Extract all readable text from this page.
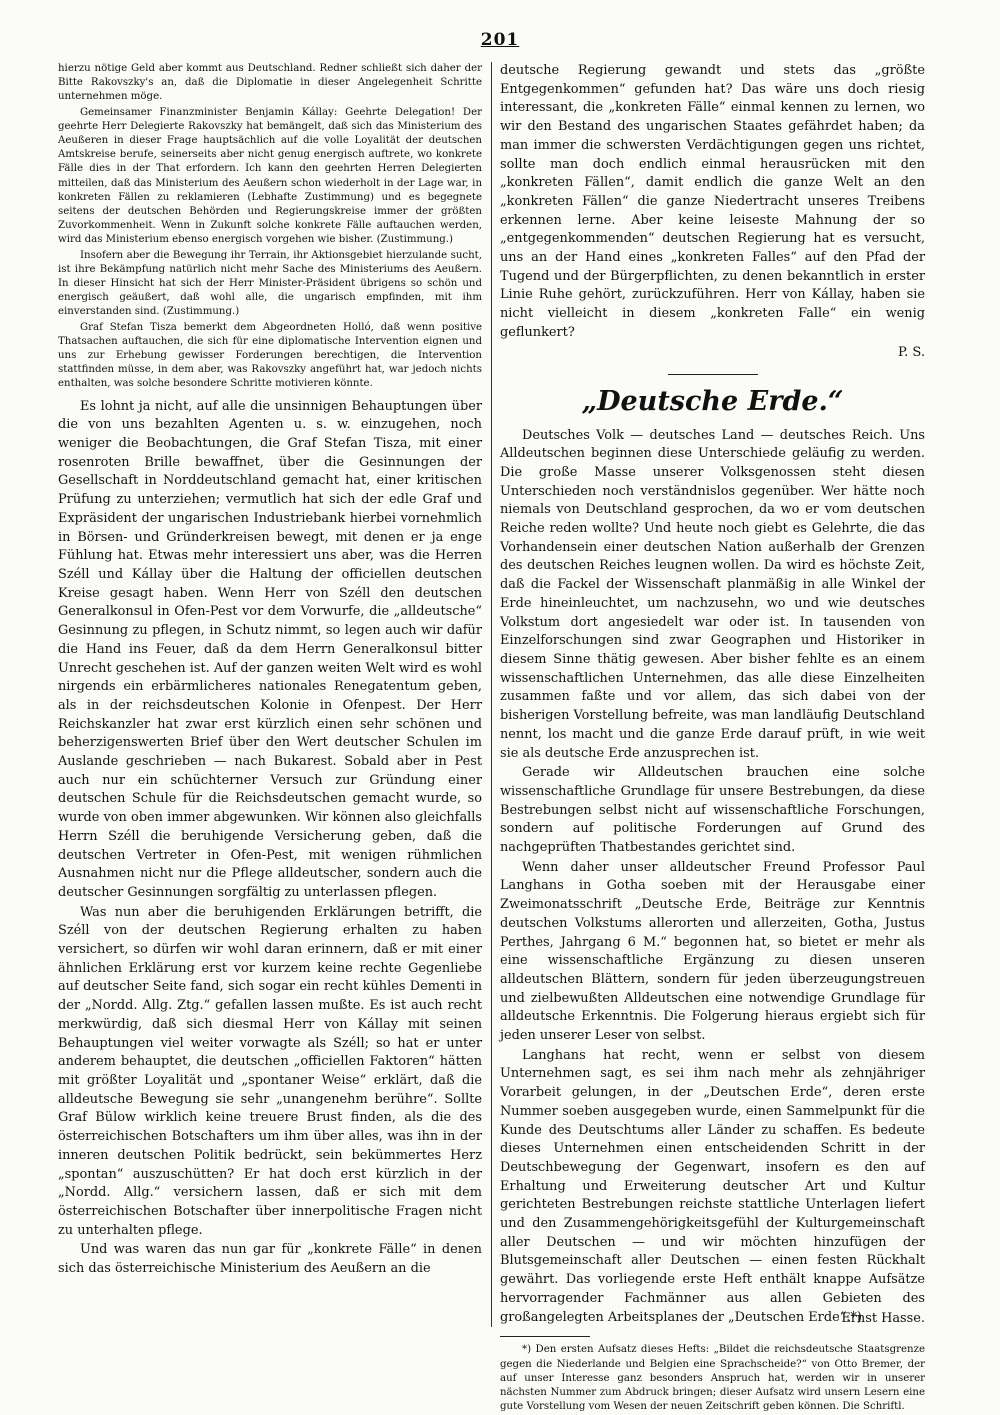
201

hierzu nötige Geld aber kommt aus Deutschland. Redner schließt sich daher der Bitte Rakovszky's an, daß die Diplomatie in dieser Angelegenheit Schritte unternehmen möge.

Gemeinsamer Finanzminister Benjamin Kállay: Geehrte Delegation! Der geehrte Herr Delegierte Rakovszky hat bemängelt, daß sich das Ministerium des Aeußeren in dieser Frage hauptsächlich auf die volle Loyalität der deutschen Amtskreise berufe, seinerseits aber nicht genug energisch auftrete, wo konkrete Fälle dies in der That erfordern. Ich kann den geehrten Herren Delegierten mitteilen, daß das Ministerium des Aeußern schon wiederholt in der Lage war, in konkreten Fällen zu reklamieren (Lebhafte Zustimmung) und es begegnete seitens der deutschen Behörden und Regierungskreise immer der größten Zuvorkommenheit. Wenn in Zukunft solche konkrete Fälle auftauchen werden, wird das Ministerium ebenso energisch vorgehen wie bisher. (Zustimmung.)

Insofern aber die Bewegung ihr Terrain, ihr Aktionsgebiet hierzulande sucht, ist ihre Bekämpfung natürlich nicht mehr Sache des Ministeriums des Aeußern. In dieser Hinsicht hat sich der Herr Minister-Präsident übrigens so schön und energisch geäußert, daß wohl alle, die ungarisch empfinden, mit ihm einverstanden sind. (Zustimmung.)

Graf Stefan Tisza bemerkt dem Abgeordneten Holló, daß wenn positive Thatsachen auftauchen, die sich für eine diplomatische Intervention eignen und uns zur Erhebung gewisser Forderungen berechtigen, die Intervention stattfinden müsse, in dem aber, was Rakovszky angeführt hat, war jedoch nichts enthalten, was solche besondere Schritte motivieren könnte.

Es lohnt ja nicht, auf alle die unsinnigen Behauptungen über die von uns bezahlten Agenten u. s. w. einzugehen, noch weniger die Beobachtungen, die Graf Stefan Tisza, mit einer rosenroten Brille bewaffnet, über die Gesinnungen der Gesellschaft in Norddeutschland gemacht hat, einer kritischen Prüfung zu unterziehen; vermutlich hat sich der edle Graf und Expräsident der ungarischen Industriebank hierbei vornehmlich in Börsen- und Gründerkreisen bewegt, mit denen er ja enge Fühlung hat. Etwas mehr interessiert uns aber, was die Herren Széll und Kállay über die Haltung der officiellen deutschen Kreise gesagt haben. Wenn Herr von Széll den deutschen Generalkonsul in Ofen-Pest vor dem Vorwurfe, die „alldeutsche“ Gesinnung zu pflegen, in Schutz nimmt, so legen auch wir dafür die Hand ins Feuer, daß da dem Herrn Generalkonsul bitter Unrecht geschehen ist. Auf der ganzen weiten Welt wird es wohl nirgends ein erbärmlicheres nationales Renegatentum geben, als in der reichsdeutschen Kolonie in Ofenpest. Der Herr Reichskanzler hat zwar erst kürzlich einen sehr schönen und beherzigenswerten Brief über den Wert deutscher Schulen im Auslande geschrieben — nach Bukarest. Sobald aber in Pest auch nur ein schüchterner Versuch zur Gründung einer deutschen Schule für die Reichsdeutschen gemacht wurde, so wurde von oben immer abgewunken. Wir können also gleichfalls Herrn Széll die beruhigende Versicherung geben, daß die deutschen Vertreter in Ofen-Pest, mit wenigen rühmlichen Ausnahmen nicht nur die Pflege alldeutscher, sondern auch die deutscher Gesinnungen sorgfältig zu unterlassen pflegen.

Was nun aber die beruhigenden Erklärungen betrifft, die Széll von der deutschen Regierung erhalten zu haben versichert, so dürfen wir wohl daran erinnern, daß er mit einer ähnlichen Erklärung erst vor kurzem keine rechte Gegenliebe auf deutscher Seite fand, sich sogar ein recht kühles Dementi in der „Nordd. Allg. Ztg.“ gefallen lassen mußte. Es ist auch recht merkwürdig, daß sich diesmal Herr von Kállay mit seinen Behauptungen viel weiter vorwagte als Széll; so hat er unter anderem behauptet, die deutschen „officiellen Faktoren“ hätten mit größter Loyalität und „spontaner Weise“ erklärt, daß die alldeutsche Bewegung sie sehr „unangenehm berühre“. Sollte Graf Bülow wirklich keine treuere Brust finden, als die des österreichischen Botschafters um ihm über alles, was ihn in der inneren deutschen Politik bedrückt, sein bekümmertes Herz „spontan“ auszuschütten? Er hat doch erst kürzlich in der „Nordd. Allg.“ versichern lassen, daß er sich mit dem österreichischen Botschafter über innerpolitische Fragen nicht zu unterhalten pflege.

Und was waren das nun gar für „konkrete Fälle“ in denen sich das österreichische Ministerium des Aeußern an die

deutsche Regierung gewandt und stets das „größte Entgegenkommen“ gefunden hat? Das wäre uns doch riesig interessant, die „konkreten Fälle“ einmal kennen zu lernen, wo wir den Bestand des ungarischen Staates gefährdet haben; da man immer die schwersten Verdächtigungen gegen uns richtet, sollte man doch endlich einmal herausrücken mit den „konkreten Fällen“, damit endlich die ganze Welt an den „konkreten Fällen“ die ganze Niedertracht unseres Treibens erkennen lerne. Aber keine leiseste Mahnung der so „entgegenkommenden“ deutschen Regierung hat es versucht, uns an der Hand eines „konkreten Falles“ auf den Pfad der Tugend und der Bürgerpflichten, zu denen bekanntlich in erster Linie Ruhe gehört, zurückzuführen. Herr von Kállay, haben sie nicht vielleicht in diesem „konkreten Falle“ ein wenig geflunkert?

P. S.
„Deutsche Erde.“

Deutsches Volk — deutsches Land — deutsches Reich. Uns Alldeutschen beginnen diese Unterschiede geläufig zu werden. Die große Masse unserer Volksgenossen steht diesen Unterschieden noch verständnislos gegenüber. Wer hätte noch niemals von Deutschland gesprochen, da wo er vom deutschen Reiche reden wollte? Und heute noch giebt es Gelehrte, die das Vorhandensein einer deutschen Nation außerhalb der Grenzen des deutschen Reiches leugnen wollen. Da wird es höchste Zeit, daß die Fackel der Wissenschaft planmäßig in alle Winkel der Erde hineinleuchtet, um nachzusehn, wo und wie deutsches Volkstum dort angesiedelt war oder ist. In tausenden von Einzelforschungen sind zwar Geographen und Historiker in diesem Sinne thätig gewesen. Aber bisher fehlte es an einem wissenschaftlichen Unternehmen, das alle diese Einzelheiten zusammen faßte und vor allem, das sich dabei von der bisherigen Vorstellung befreite, was man landläufig Deutschland nennt, los macht und die ganze Erde darauf prüft, in wie weit sie als deutsche Erde anzusprechen ist.

Gerade wir Alldeutschen brauchen eine solche wissenschaftliche Grundlage für unsere Bestrebungen, da diese Bestrebungen selbst nicht auf wissenschaftliche Forschungen, sondern auf politische Forderungen auf Grund des nachgeprüften Thatbestandes gerichtet sind.

Wenn daher unser alldeutscher Freund Professor Paul Langhans in Gotha soeben mit der Herausgabe einer Zweimonatsschrift „Deutsche Erde, Beiträge zur Kenntnis deutschen Volkstums allerorten und allerzeiten, Gotha, Justus Perthes, Jahrgang 6 M.“ begonnen hat, so bietet er mehr als eine wissenschaftliche Ergänzung zu diesen unseren alldeutschen Blättern, sondern für jeden überzeugungstreuen und zielbewußten Alldeutschen eine notwendige Grundlage für alldeutsche Erkenntnis. Die Folgerung hieraus ergiebt sich für jeden unserer Leser von selbst.

Langhans hat recht, wenn er selbst von diesem Unternehmen sagt, es sei ihm nach mehr als zehnjähriger Vorarbeit gelungen, in der „Deutschen Erde“, deren erste Nummer soeben ausgegeben wurde, einen Sammelpunkt für die Kunde des Deutschtums aller Länder zu schaffen. Es bedeute dieses Unternehmen einen entscheidenden Schritt in der Deutschbewegung der Gegenwart, insofern es den auf Erhaltung und Erweiterung deutscher Art und Kultur gerichteten Bestrebungen reichste stattliche Unterlagen liefert und den Zusammengehörigkeitsgefühl der Kulturgemeinschaft aller Deutschen — und wir möchten hinzufügen der Blutsgemeinschaft aller Deutschen — einen festen Rückhalt gewährt. Das vorliegende erste Heft enthält knappe Aufsätze hervorragender Fachmänner aus allen Gebieten des großangelegten Arbeitsplanes der „Deutschen Erde“.*)

Ernst Hasse.

*) Den ersten Aufsatz dieses Hefts: „Bildet die reichsdeutsche Staatsgrenze gegen die Niederlande und Belgien eine Sprachscheide?“ von Otto Bremer, der auf unser Interesse ganz besonders Anspruch hat, werden wir in unserer nächsten Nummer zum Abdruck bringen; dieser Aufsatz wird unsern Lesern eine gute Vorstellung vom Wesen der neuen Zeitschrift geben können. Die Schriftl.
